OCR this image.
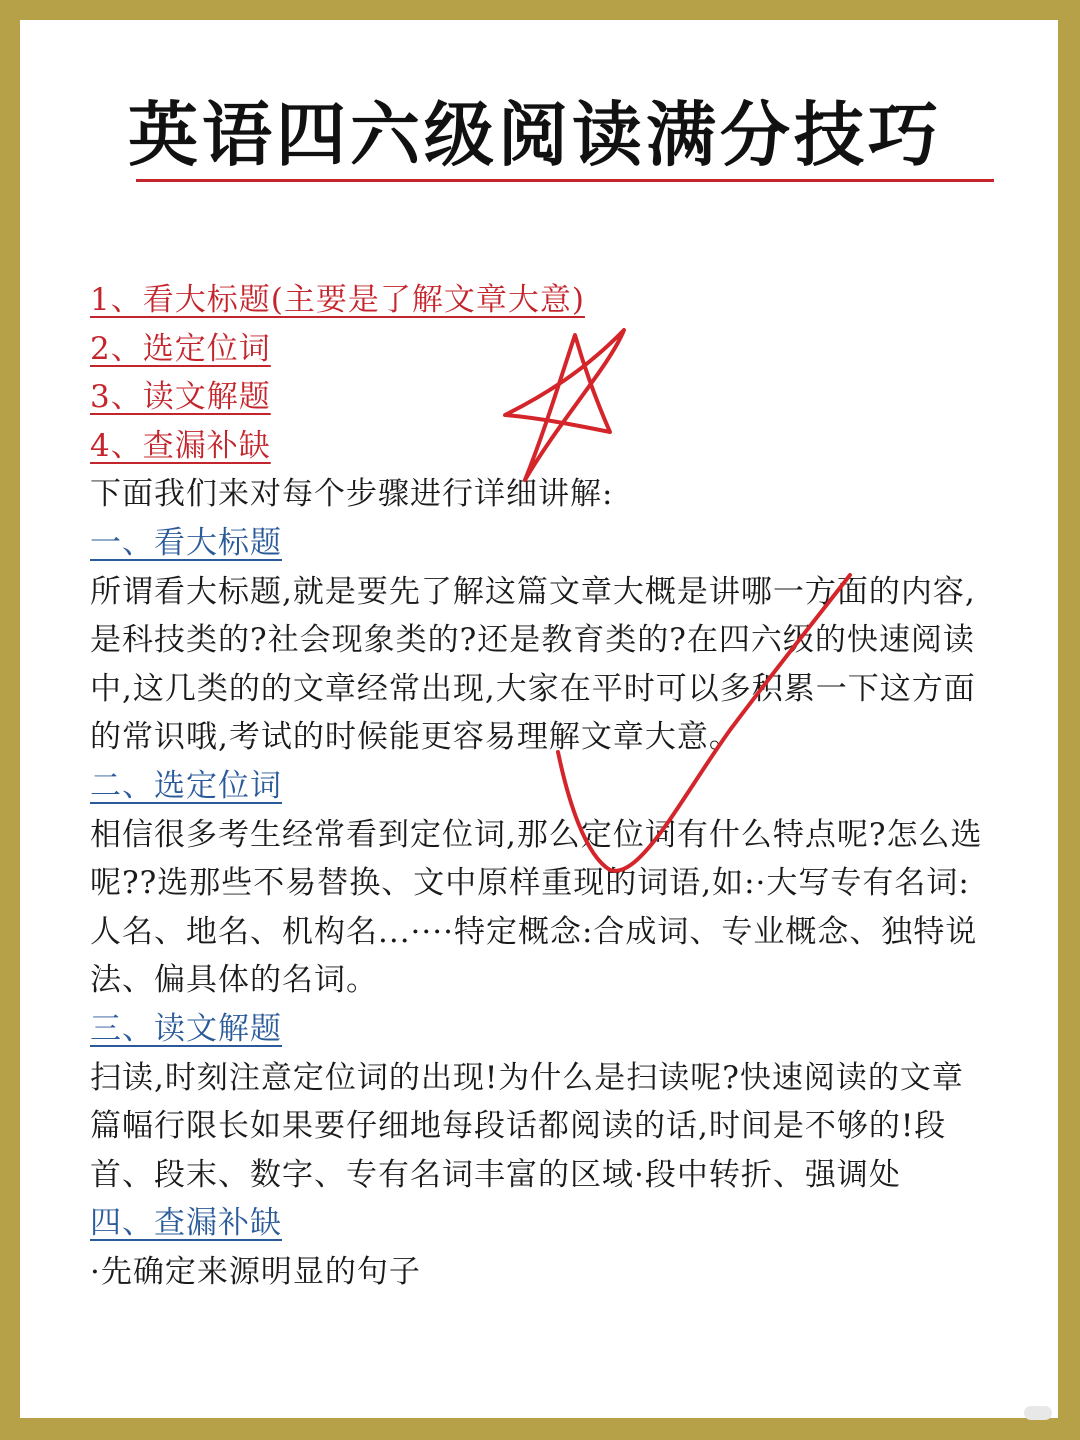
英语四六级阅读满分技巧
1、看大标题(主要是了解文章大意)
2、选定位词
3、读文解题
4、查漏补缺

下面我们来对每个步骤进行详细讲解:

一、看大标题

所谓看大标题,就是要先了解这篇文章大概是讲哪一方面的内容,是科技类的?社会现象类的?还是教育类的?在四六级的快速阅读中,这几类的的文章经常出现,大家在平时可以多积累一下这方面的常识哦,考试的时候能更容易理解文章大意。

二、选定位词

相信很多考生经常看到定位词,那么定位词有什么特点呢?怎么选呢??选那些不易替换、文中原样重现的词语,如:·大写专有名词:人名、地名、机构名...····特定概念:合成词、专业概念、独特说法、偏具体的名词。

三、读文解题

扫读,时刻注意定位词的出现!为什么是扫读呢?快速阅读的文章篇幅行限长如果要仔细地每段话都阅读的话,时间是不够的!段首、段末、数字、专有名词丰富的区域·段中转折、强调处

四、查漏补缺

·先确定来源明显的句子
